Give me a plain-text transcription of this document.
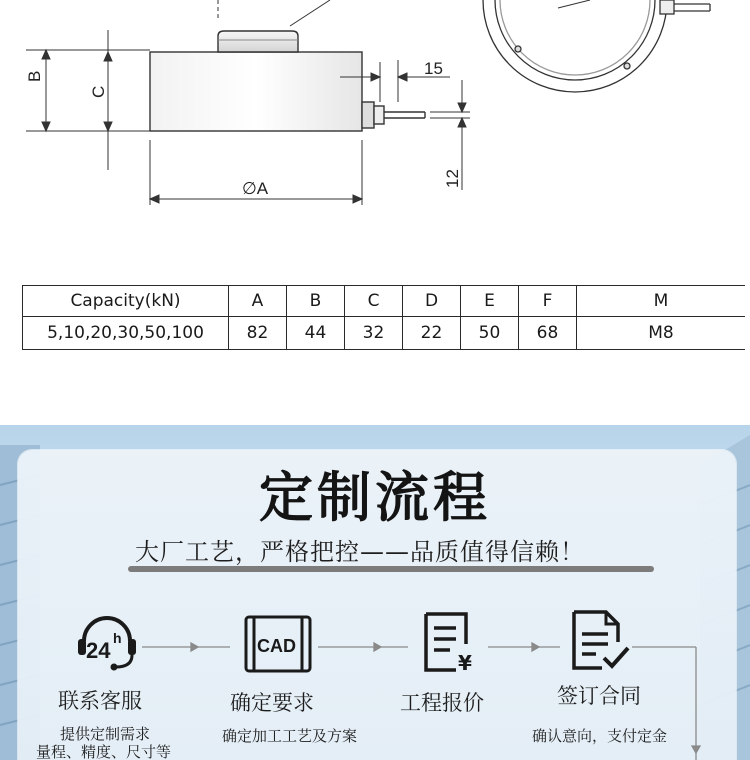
B
C
15
12
∅A
Capacity(kN)	A	B	C	D	E	F	M
5,10,20,30,50,100	82	44	32	22	50	68	M8
定制流程
大厂工艺，严格把控——品质值得信赖！
24 h
联系客服
提供定制需求
量程、精度、尺寸等
CAD
确定要求
确定加工工艺及方案
¥
工程报价	签订合同
确认意向，支付定金
